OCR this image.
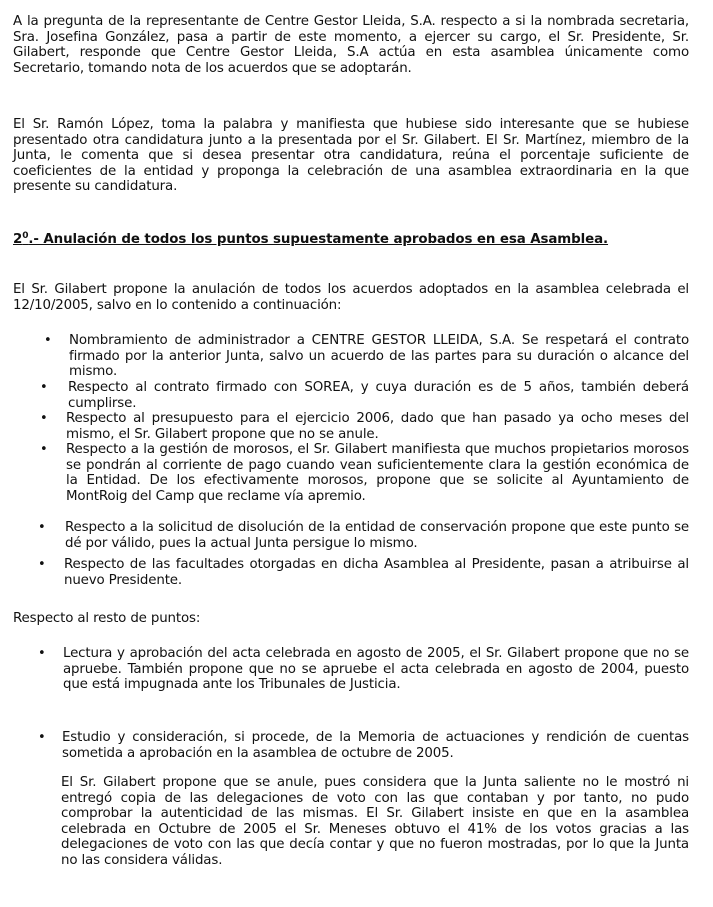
A la pregunta de la representante de Centre Gestor Lleida, S.A. respecto a si la nombrada secretaria, Sra. Josefina González, pasa a partir de este momento, a ejercer su cargo, el Sr. Presidente, Sr. Gilabert, responde que Centre Gestor Lleida, S.A actúa en esta asamblea únicamente como Secretario, tomando nota de los acuerdos que se adoptarán.

El Sr. Ramón López, toma la palabra y manifiesta que hubiese sido interesante que se hubiese presentado otra candidatura junto a la presentada por el Sr. Gilabert. El Sr. Martínez, miembro de la Junta, le comenta que si desea presentar otra candidatura, reúna el porcentaje suficiente de coeficientes de la entidad y proponga la celebración de una asamblea extraordinaria en la que presente su candidatura.

$2^0.-$ Anulación de todos los puntos supuestamente aprobados en esa Asamblea.

El Sr. Gilabert propone la anulación de todos los acuerdos adoptados en la asamblea celebrada el 12/10/2005, salvo en lo contenido a continuación:

• Nombramiento de administrador a CENTRE GESTOR LLEIDA, S.A. Se respetará el contrato firmado por la anterior Junta, salvo un acuerdo de las partes para su duración o alcance del mismo.

• Respecto al contrato firmado con SOREA, y cuya duración es de 5 años, también deberá cumplirse.

• Respecto al presupuesto para el ejercicio 2006, dado que han pasado ya ocho meses del mismo, el Sr. Gilabert propone que no se anule.

• Respecto a la gestión de morosos, el Sr. Gilabert manifiesta que muchos propietarios morosos se pondrán al corriente de pago cuando vean suficientemente clara la gestión económica de la Entidad. De los efectivamente morosos, propone que se solicite al Ayuntamiento de MontRoig del Camp que reclame vía apremio.

• Respecto a la solicitud de disolución de la entidad de conservación propone que este punto se dé por válido, pues la actual Junta persigue lo mismo.

• Respecto de las facultades otorgadas en dicha Asamblea al Presidente, pasan a atribuirse al nuevo Presidente.

Respecto al resto de puntos:

• Lectura y aprobación del acta celebrada en agosto de 2005, el Sr. Gilabert propone que no se apruebe. También propone que no se apruebe el acta celebrada en agosto de 2004, puesto que está impugnada ante los Tribunales de Justicia.

• Estudio y consideración, si procede, de la Memoria de actuaciones y rendición de cuentas sometida a aprobación en la asamblea de octubre de 2005.

El Sr. Gilabert propone que se anule, pues considera que la Junta saliente no le mostró ni entregó copia de las delegaciones de voto con las que contaban y por tanto, no pudo comprobar la autenticidad de las mismas. El Sr. Gilabert insiste en que en la asamblea celebrada en Octubre de 2005 el Sr. Meneses obtuvo el 41% de los votos gracias a las delegaciones de voto con las que decía contar y que no fueron mostradas, por lo que la Junta no las considera válidas.
